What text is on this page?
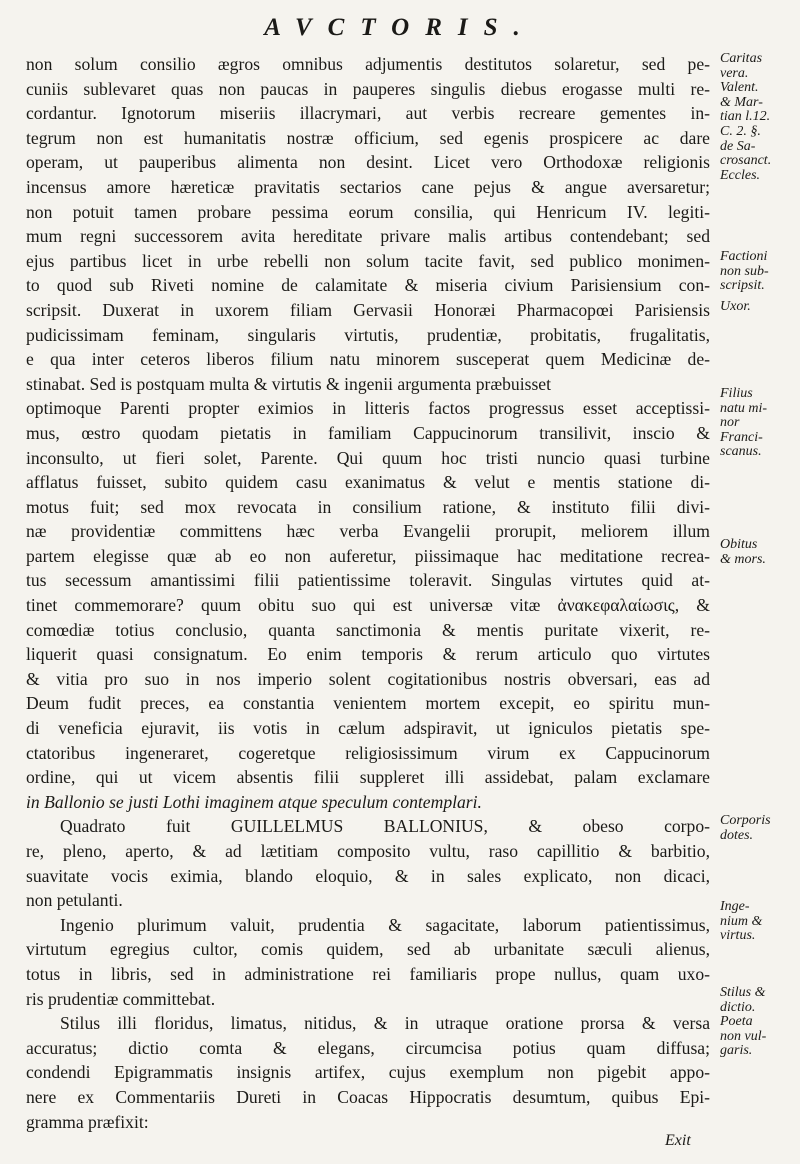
AVCTORIS.
non solum consilio ægros omnibus adjumentis destitutos solaretur, sed pe-
cuniis sublevaret quas non paucas in pauperes singulis diebus erogasse multi re-
cordantur. Ignotorum miseriis illacrymari, aut verbis recreare gementes in-
tegrum non est humanitatis nostræ officium, sed egenis prospicere ac dare
operam, ut pauperibus alimenta non desint. Licet vero Orthodoxæ religionis
incensus amore hæreticæ pravitatis sectarios cane pejus & angue aversaretur;
non potuit tamen probare pessima eorum consilia, qui Henricum IV. legiti-
mum regni successorem avita hereditate privare malis artibus contendebant; sed
ejus partibus licet in urbe rebelli non solum tacite favit, sed publico monimen-
to quod sub Riveti nomine de calamitate & miseria civium Parisiensium con-
scripsit. Duxerat in uxorem filiam Gervasii Honoræi Pharmacopœi Parisiensis
pudicissimam feminam, singularis virtutis, prudentiæ, probitatis, frugalitatis,
e qua inter ceteros liberos filium natu minorem susceperat quem Medicinæ de-
stinabat. Sed is postquam multa & virtutis & ingenii argumenta præbuisset
optimoque Parenti propter eximios in litteris factos progressus esset acceptissi-
mus, œstro quodam pietatis in familiam Cappucinorum transilivit, inscio &
inconsulto, ut fieri solet, Parente. Qui quum hoc tristi nuncio quasi turbine
afflatus fuisset, subito quidem casu exanimatus & velut e mentis statione di-
motus fuit; sed mox revocata in consilium ratione, & instituto filii divi-
næ providentiæ committens hæc verba Evangelii prorupit, meliorem illum
partem elegisse quæ ab eo non auferetur, piissimaque hac meditatione recrea-
tus secessum amantissimi filii patientissime toleravit. Singulas virtutes quid at-
tinet commemorare? quum obitu suo qui est universæ vitæ ἀνακεφαλαίωσις, &
comœdiæ totius conclusio, quanta sanctimonia & mentis puritate vixerit, re-
liquerit quasi consignatum. Eo enim temporis & rerum articulo quo virtutes
& vitia pro suo in nos imperio solent cogitationibus nostris obversari, eas ad
Deum fudit preces, ea constantia venientem mortem excepit, eo spiritu mun-
di veneficia ejuravit, iis votis in cælum adspiravit, ut igniculos pietatis spe-
ctatoribus ingeneraret, cogeretque religiosissimum virum ex Cappucinorum
ordine, qui ut vicem absentis filii suppleret illi assidebat, palam exclamare
in Ballonio se justi Lothi imaginem atque speculum contemplari.
Quadrato fuit GUILLELMUS BALLONIUS, & obeso corpo-
re, pleno, aperto, & ad lætitiam composito vultu, raso capillitio & barbitio,
suavitate vocis eximia, blando eloquio, & in sales explicato, non dicaci,
non petulanti.
Ingenio plurimum valuit, prudentia & sagacitate, laborum patientissimus,
virtutum egregius cultor, comis quidem, sed ab urbanitate sæculi alienus,
totus in libris, sed in administratione rei familiaris prope nullus, quam uxo-
ris prudentiæ committebat.
Stilus illi floridus, limatus, nitidus, & in utraque oratione prorsa & versa
accuratus; dictio comta & elegans, circumcisa potius quam diffusa;
condendi Epigrammatis insignis artifex, cujus exemplum non pigebit appo-
nere ex Commentariis Dureti in Coacas Hippocratis desumtum, quibus Epi-
gramma præfixit:
Caritas
vera.
Valent.
& Mar-
tian l.12.
C. 2. §.
de Sa-
crosanct.
Eccles.
Factioni
non sub-
scripsit.
Uxor.
Filius
natu mi-
nor
Franci-
scanus.
Obitus
& mors.
Corporis
dotes.
Inge-
nium &
virtus.
Stilus &
dictio.
Poeta
non vul-
garis.
Exit
